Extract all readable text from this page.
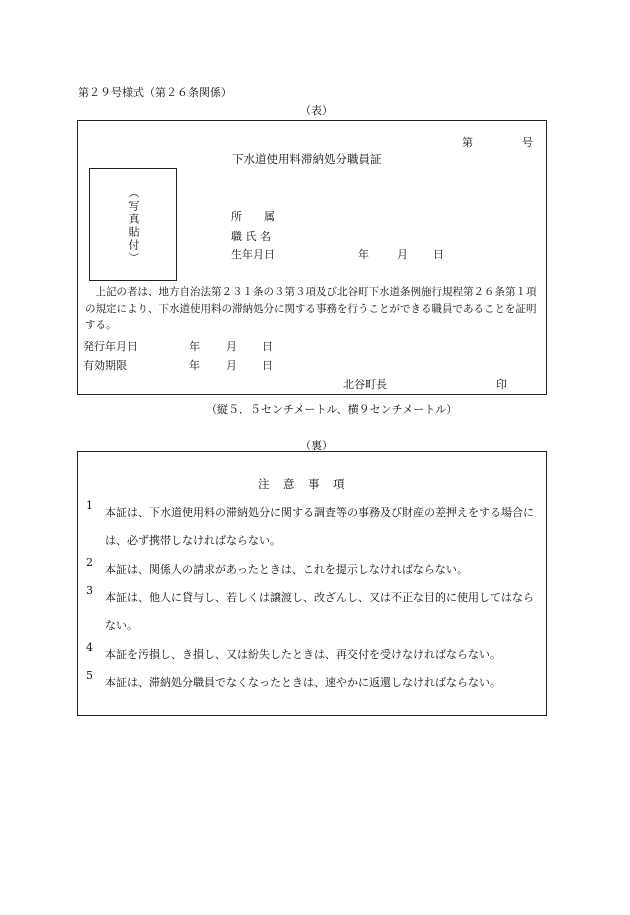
第２９号様式（第２６条関係）
（表）
第	号
下水道使用料滞納処分職員証
（写真貼付）	所　　属
職 氏 名
生年月日	年	月 日
　上記の者は、地方自治法第２３１条の３第３項及び北谷町下水道条例施行規程第２６条第１項の規定により、下水道使用料の滞納処分に関する事務を行うことができる職員であることを証明する。
発行年月日	年 月 日
有効期限	年 月 日
北谷町長	印
（縦５．５センチメートル、横９センチメートル）
（裏）
注　意　事　項
1
本証は、下水道使用料の滞納処分に関する調査等の事務及び財産の差押えをする場合には、必ず携帯しなければならない。
2
本証は、関係人の請求があったときは、これを提示しなければならない。
3
本証は、他人に貸与し、若しくは譲渡し、改ざんし、又は不正な目的に使用してはならない。
4
本証を汚損し、き損し、又は紛失したときは、再交付を受けなければならない。
5
本証は、滞納処分職員でなくなったときは、速やかに返還しなければならない。
